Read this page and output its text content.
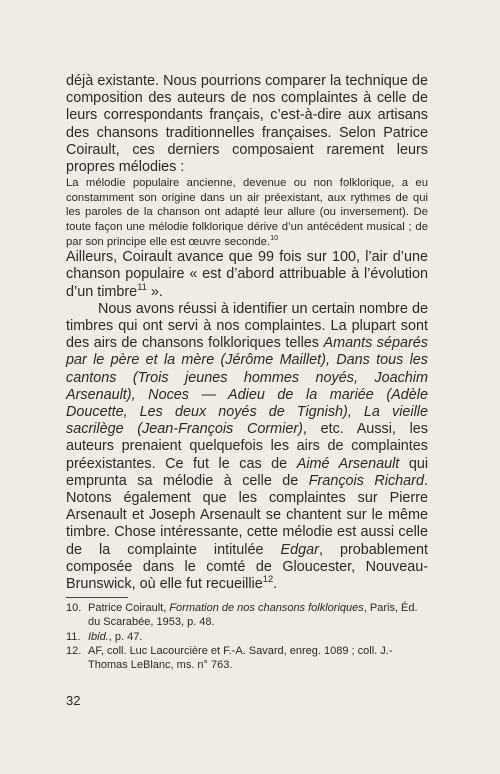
déjà existante. Nous pourrions comparer la technique de composition des auteurs de nos complaintes à celle de leurs correspondants français, c’est-à-dire aux artisans des chansons traditionnelles françaises. Selon Patrice Coirault, ces derniers composaient rarement leurs propres mélodies :

La mélodie populaire ancienne, devenue ou non folklorique, a eu constamment son origine dans un air préexistant, aux rythmes de qui les paroles de la chanson ont adapté leur allure (ou inversement). De toute façon une mélodie folklorique dérive d’un antécédent musical ; de par son principe elle est œuvre seconde.$^{10}$

Ailleurs, Coirault avance que 99 fois sur 100, l’air d’une chanson populaire « est d’abord attribuable à l’évolution d’un timbre$^{11}$ ».

Nous avons réussi à identifier un certain nombre de timbres qui ont servi à nos complaintes. La plupart sont des airs de chansons folkloriques telles Amants séparés par le père et la mère (Jérôme Maillet), Dans tous les cantons (Trois jeunes hommes noyés, Joachim Arsenault), Noces — Adieu de la mariée (Adèle Doucette, Les deux noyés de Tignish), La vieille sacrilège (Jean-François Cormier), etc. Aussi, les auteurs prenaient quelquefois les airs de complaintes préexistantes. Ce fut le cas de Aimé Arsenault qui emprunta sa mélodie à celle de François Richard. Notons également que les complaintes sur Pierre Arsenault et Joseph Arsenault se chantent sur le même timbre. Chose intéressante, cette mélodie est aussi celle de la complainte intitulée Edgar, probablement composée dans le comté de Gloucester, Nouveau-Brunswick, où elle fut recueillie$^{12}$.

10. Patrice Coirault, Formation de nos chansons folkloriques, Paris, Éd. du Scarabée, 1953, p. 48.
11. Ibid., p. 47.
12. AF, coll. Luc Lacourcière et F.-A. Savard, enreg. 1089 ; coll. J.-Thomas LeBlanc, ms. n° 763.
32
